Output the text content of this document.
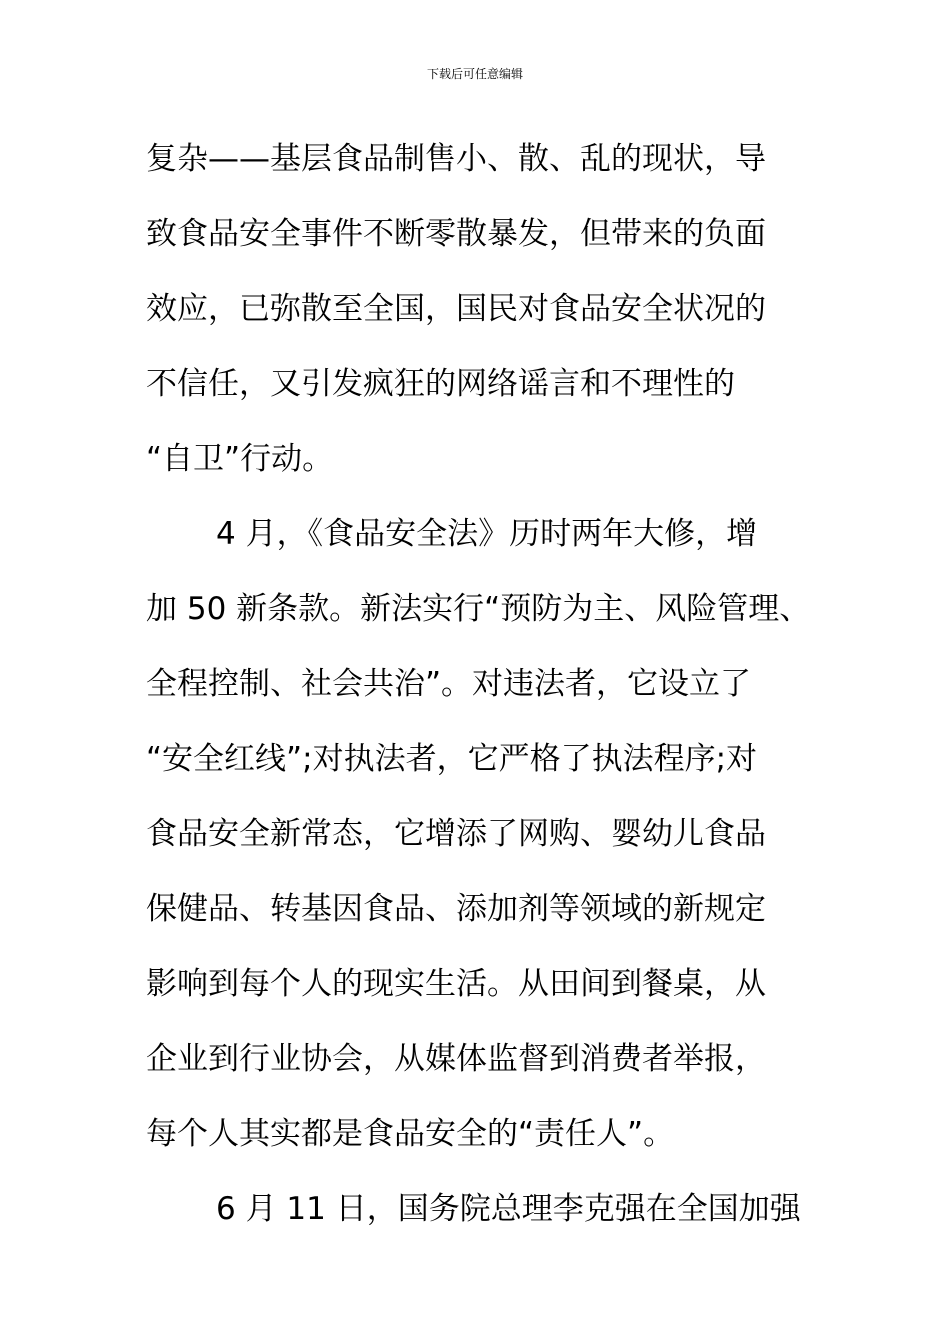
下载后可任意编辑
复杂——基层食品制售小、散、乱的现状，导
致食品安全事件不断零散暴发，但带来的负面
效应，已弥散至全国，国民对食品安全状况的
不信任，又引发疯狂的网络谣言和不理性的
“自卫”行动。
4 月，《食品安全法》历时两年大修，增
加 50 新条款。新法实行“预防为主、风险管理、
全程控制、社会共治”。对违法者，它设立了
“安全红线”;对执法者，它严格了执法程序;对
食品安全新常态，它增添了网购、婴幼儿食品
保健品、转基因食品、添加剂等领域的新规定
影响到每个人的现实生活。从田间到餐桌，从
企业到行业协会，从媒体监督到消费者举报，
每个人其实都是食品安全的“责任人”。
6 月 11 日，国务院总理李克强在全国加强
